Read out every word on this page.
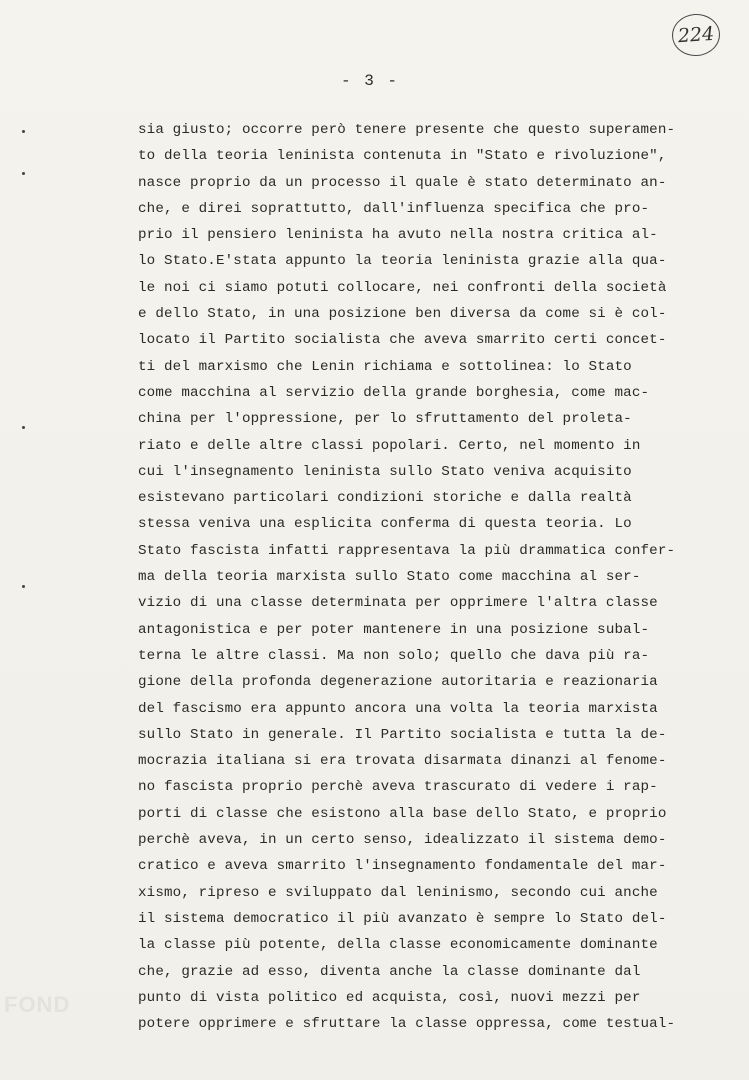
224
- 3 -
sia giusto; occorre però tenere presente che questo superamen-
to della teoria leninista contenuta in "Stato e rivoluzione",
nasce proprio da un processo il quale è stato determinato an-
che, e direi soprattutto, dall'influenza specifica che pro-
prio il pensiero leninista ha avuto nella nostra critica al-
lo Stato.E'stata appunto la teoria leninista grazie alla qua-
le noi ci siamo potuti collocare, nei confronti della società
e dello Stato, in una posizione ben diversa da come si è col-
locato il Partito socialista che aveva smarrito certi concet-
ti del marxismo che Lenin richiama e sottolinea: lo Stato
come macchina al servizio della grande borghesia, come mac-
china per l'oppressione, per lo sfruttamento del proleta-
riato e delle altre classi popolari. Certo, nel momento in
cui l'insegnamento leninista sullo Stato veniva acquisito
esistevano particolari condizioni storiche e dalla realtà
stessa veniva una esplicita conferma di questa teoria. Lo
Stato fascista infatti rappresentava la più drammatica confer-
ma della teoria marxista sullo Stato come macchina al ser-
vizio di una classe determinata per opprimere l'altra classe
antagonistica e per poter mantenere in una posizione subal-
terna le altre classi. Ma non solo; quello che dava più ra-
gione della profonda degenerazione autoritaria e reazionaria
del fascismo era appunto ancora una volta la teoria marxista
sullo Stato in generale. Il Partito socialista e tutta la de-
mocrazia italiana si era trovata disarmata dinanzi al fenome-
no fascista proprio perchè aveva trascurato di vedere i rap-
porti di classe che esistono alla base dello Stato, e proprio
perchè aveva, in un certo senso, idealizzato il sistema demo-
cratico e aveva smarrito l'insegnamento fondamentale del mar-
xismo, ripreso e sviluppato dal leninismo, secondo cui anche
il sistema democratico il più avanzato è sempre lo Stato del-
la classe più potente, della classe economicamente dominante
che, grazie ad esso, diventa anche la classe dominante dal
punto di vista politico ed acquista, così, nuovi mezzi per
potere opprimere e sfruttare la classe oppressa, come testual-
FOND
